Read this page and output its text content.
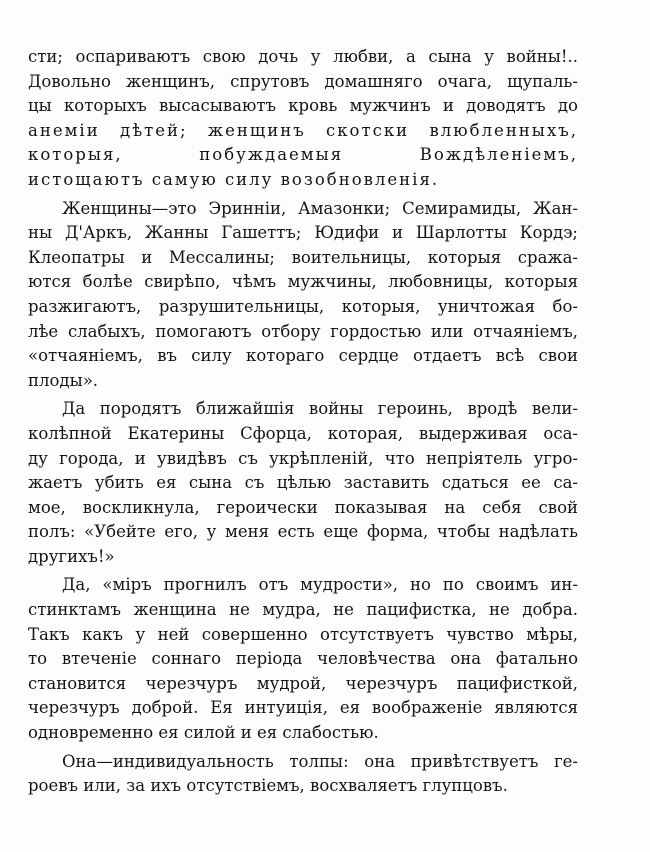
сти; оспариваютъ свою дочь у любви, а сына у войны!..
Довольно женщинъ, спрутовъ домашняго очага, щупаль-
цы которыхъ высасываютъ кровь мужчинъ и доводятъ до
анеміи дѣтей; женщинъ скотски влюбленныхъ,
которыя, побуждаемыя Вождѣленіемъ,
истощаютъ самую силу возобновленія.
Женщины—это Эринніи, Амазонки; Семирамиды, Жан-
ны Д'Аркъ, Жанны Гашеттъ; Юдифи и Шарлотты Кордэ;
Клеопатры и Мессалины; воительницы, которыя сража-
ются болѣе свирѣпо, чѣмъ мужчины, любовницы, которыя
разжигаютъ, разрушительницы, которыя, уничтожая бо-
лѣе слабыхъ, помогаютъ отбору гордостью или отчаяніемъ,
«отчаяніемъ, въ силу котораго сердце отдаетъ всѣ свои
плоды».
Да породятъ ближайшія войны героинь, вродѣ вели-
колѣпной Екатерины Сфорца, которая, выдерживая оса-
ду города, и увидѣвъ съ укрѣпленій, что непріятель угро-
жаетъ убить ея сына съ цѣлью заставить сдаться ее са-
мое, воскликнула, героически показывая на себя свой
полъ: «Убейте его, у меня есть еще форма, чтобы надѣлать
другихъ!»
Да, «міръ прогнилъ отъ мудрости», но по своимъ ин-
стинктамъ женщина не мудра, не пацифистка, не добра.
Такъ какъ у ней совершенно отсутствуетъ чувство мѣры,
то втеченіе соннаго періода человѣчества она фатально
становится черезчуръ мудрой, черезчуръ пацифисткой,
черезчуръ доброй. Ея интуиція, ея воображеніе являются
одновременно ея силой и ея слабостью.
Она—индивидуальность толпы: она привѣтствуетъ ге-
роевъ или, за ихъ отсутствіемъ, восхваляетъ глупцовъ.
